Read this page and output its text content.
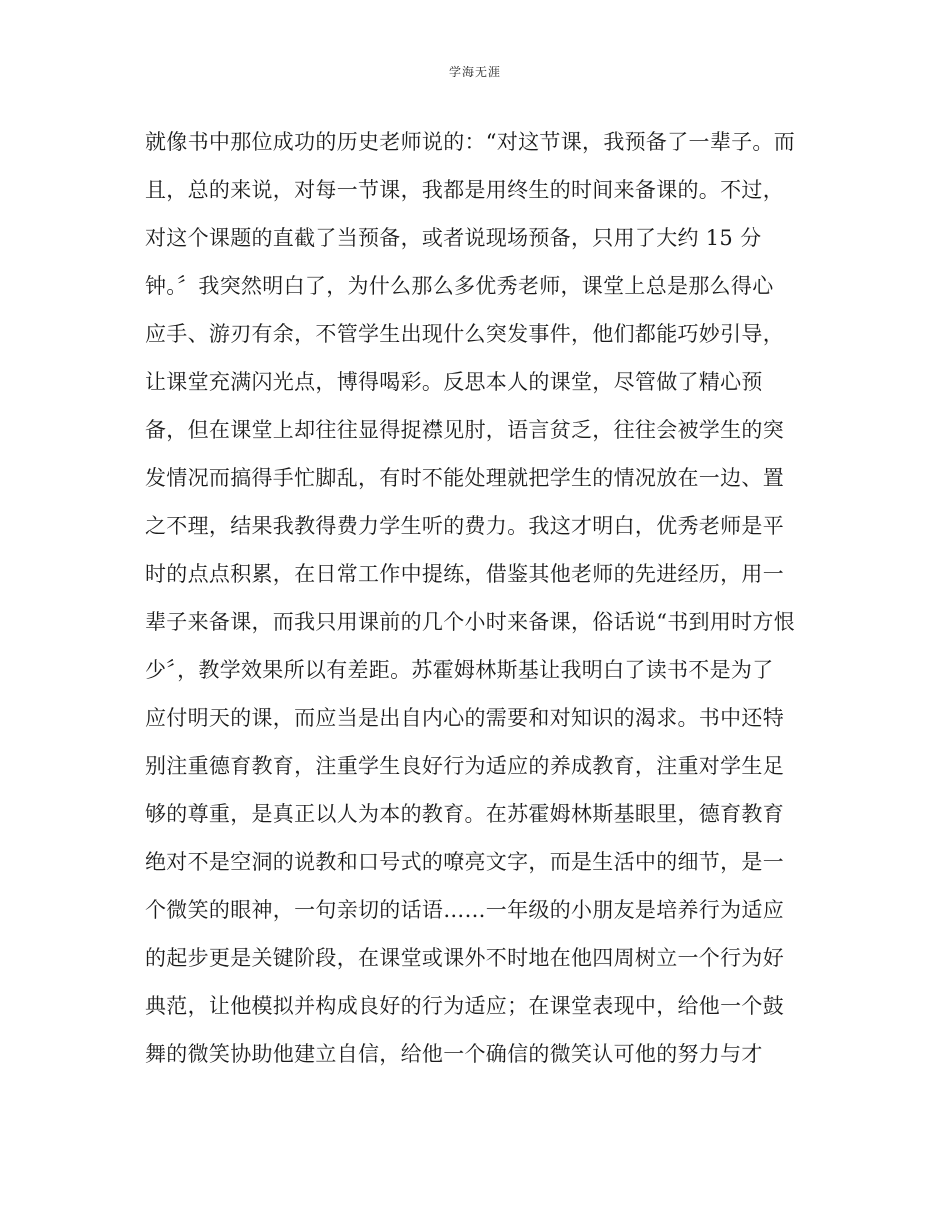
学海无涯
就像书中那位成功的历史老师说的：“对这节课，我预备了一辈子。而
且，总的来说，对每一节课，我都是用终生的时间来备课的。不过，
对这个课题的直截了当预备，或者说现场预备，只用了大约 15 分
钟。〞我突然明白了，为什么那么多优秀老师，课堂上总是那么得心
应手、游刃有余，不管学生出现什么突发事件，他们都能巧妙引导，
让课堂充满闪光点，博得喝彩。反思本人的课堂，尽管做了精心预
备，但在课堂上却往往显得捉襟见肘，语言贫乏，往往会被学生的突
发情况而搞得手忙脚乱，有时不能处理就把学生的情况放在一边、置
之不理，结果我教得费力学生听的费力。我这才明白，优秀老师是平
时的点点积累，在日常工作中提练，借鉴其他老师的先进经历，用一
辈子来备课，而我只用课前的几个小时来备课，俗话说“书到用时方恨
少〞，教学效果所以有差距。苏霍姆林斯基让我明白了读书不是为了
应付明天的课，而应当是出自内心的需要和对知识的渴求。书中还特
别注重德育教育，注重学生良好行为适应的养成教育，注重对学生足
够的尊重，是真正以人为本的教育。在苏霍姆林斯基眼里，德育教育
绝对不是空洞的说教和口号式的嘹亮文字，而是生活中的细节，是一
个微笑的眼神，一句亲切的话语……一年级的小朋友是培养行为适应
的起步更是关键阶段，在课堂或课外不时地在他四周树立一个行为好
典范，让他模拟并构成良好的行为适应；在课堂表现中，给他一个鼓
舞的微笑协助他建立自信，给他一个确信的微笑认可他的努力与才
